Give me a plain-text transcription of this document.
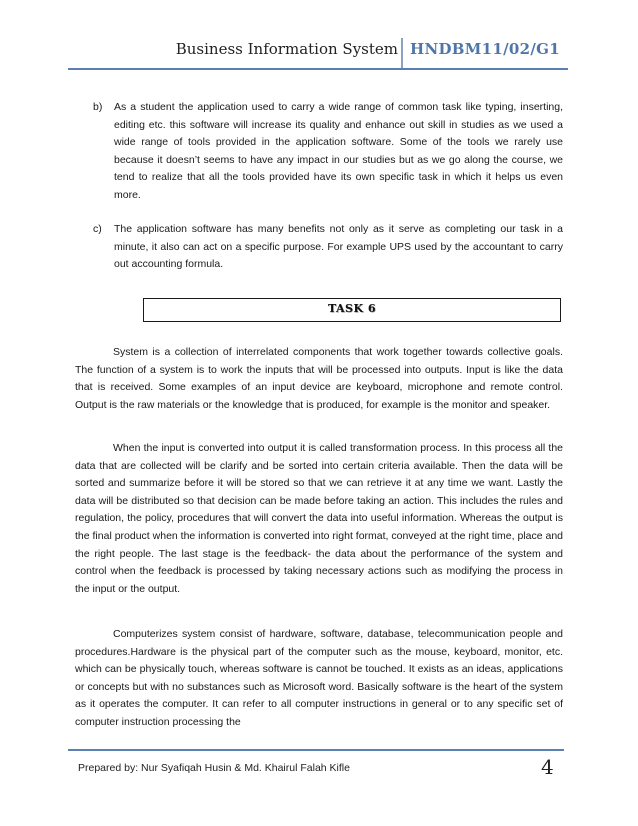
Business Information System HNDBM11/02/G1
b) As a student the application used to carry a wide range of common task like typing, inserting, editing etc. this software will increase its quality and enhance out skill in studies as we used a wide range of tools provided in the application software. Some of the tools we rarely use because it doesn’t seems to have any impact in our studies but as we go along the course, we tend to realize that all the tools provided have its own specific task in which it helps us even more.
c) The application software has many benefits not only as it serve as completing our task in a minute, it also can act on a specific purpose. For example UPS used by the accountant to carry out accounting formula.
TASK 6

System is a collection of interrelated components that work together towards collective goals. The function of a system is to work the inputs that will be processed into outputs. Input is like the data that is received. Some examples of an input device are keyboard, microphone and remote control. Output is the raw materials or the knowledge that is produced, for example is the monitor and speaker.

When the input is converted into output it is called transformation process. In this process all the data that are collected will be clarify and be sorted into certain criteria available. Then the data will be sorted and summarize before it will be stored so that we can retrieve it at any time we want. Lastly the data will be distributed so that decision can be made before taking an action. This includes the rules and regulation, the policy, procedures that will convert the data into useful information. Whereas the output is the final product when the information is converted into right format, conveyed at the right time, place and the right people. The last stage is the feedback- the data about the performance of the system and control when the feedback is processed by taking necessary actions such as modifying the process in the input or the output.

Computerizes system consist of hardware, software, database, telecommunication people and procedures.Hardware is the physical part of the computer such as the mouse, keyboard, monitor, etc. which can be physically touch, whereas software is cannot be touched. It exists as an ideas, applications or concepts but with no substances such as Microsoft word. Basically software is the heart of the system as it operates the computer. It can refer to all computer instructions in general or to any specific set of computer instruction processing the

Prepared by: Nur Syafiqah Husin & Md. Khairul Falah Kifle	4
